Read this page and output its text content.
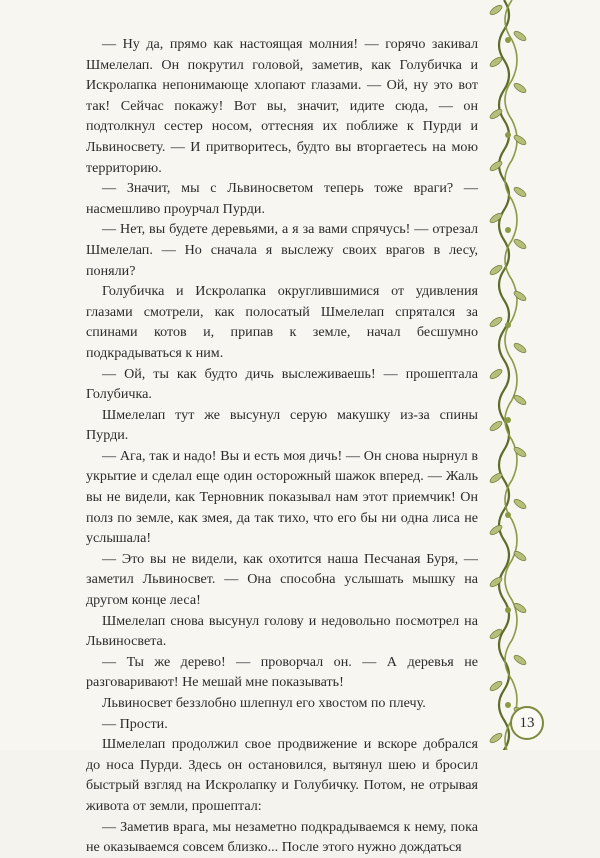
— Ну да, прямо как настоящая молния! — горячо закивал Шмелелап. Он покрутил головой, заметив, как Голубичка и Искролапка непонимающе хлопают глазами. — Ой, ну это вот так! Сейчас покажу! Вот вы, значит, идите сюда, — он подтолкнул сестер носом, оттесняя их поближе к Пурди и Львиносвету. — И притворитесь, будто вы вторгаетесь на мою территорию.

— Значит, мы с Львиносветом теперь тоже враги? — насмешливо проурчал Пурди.

— Нет, вы будете деревьями, а я за вами спрячусь! — отрезал Шмелелап. — Но сначала я выслежу своих врагов в лесу, поняли?

Голубичка и Искролапка округлившимися от удивления глазами смотрели, как полосатый Шмелелап спрятался за спинами котов и, припав к земле, начал бесшумно подкрадываться к ним.

— Ой, ты как будто дичь выслеживаешь! — прошептала Голубичка.

Шмелелап тут же высунул серую макушку из-за спины Пурди.

— Ага, так и надо! Вы и есть моя дичь! — Он снова нырнул в укрытие и сделал еще один осторожный шажок вперед. — Жаль вы не видели, как Терновник показывал нам этот приемчик! Он полз по земле, как змея, да так тихо, что его бы ни одна лиса не услышала!

— Это вы не видели, как охотится наша Песчаная Буря, — заметил Львиносвет. — Она способна услышать мышку на другом конце леса!

Шмелелап снова высунул голову и недовольно посмотрел на Львиносвета.

— Ты же дерево! — проворчал он. — А деревья не разговаривают! Не мешай мне показывать!

Львиносвет беззлобно шлепнул его хвостом по плечу.

— Прости.

Шмелелап продолжил свое продвижение и вскоре добрался до носа Пурди. Здесь он остановился, вытянул шею и бросил быстрый взгляд на Искролапку и Голубичку. Потом, не отрывая живота от земли, прошептал:

— Заметив врага, мы незаметно подкрадываемся к нему, пока не оказываемся совсем близко... После этого нужно дождаться

13
